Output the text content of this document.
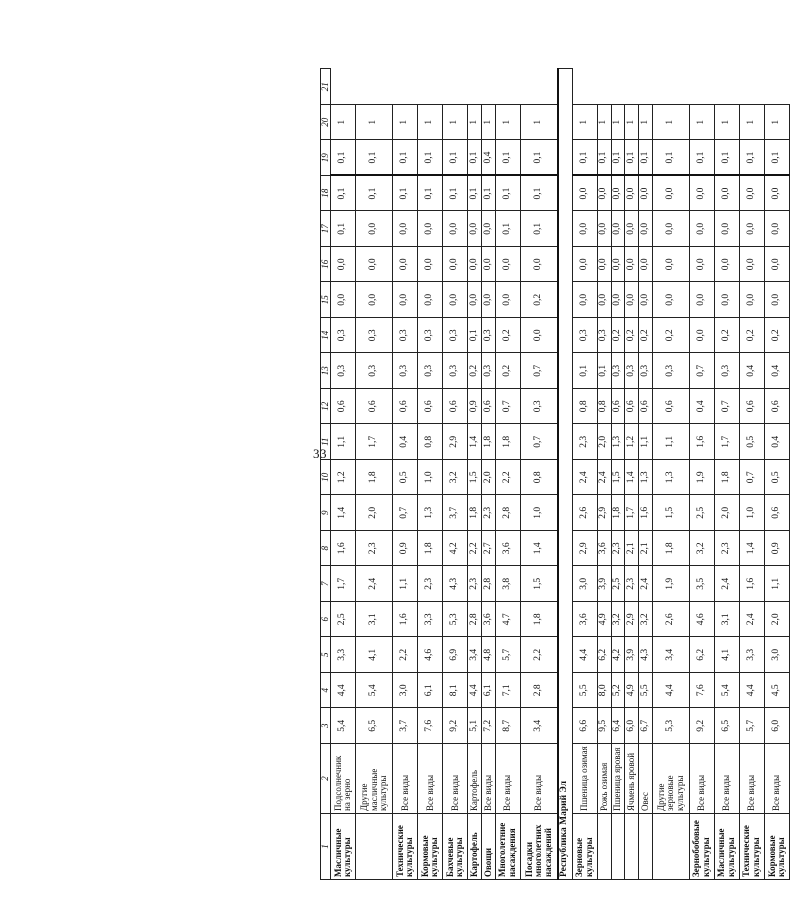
33
1	2	3	4	5	6	7	8	9	10	11	12	13	14	15	16	17	18	19	20	21
Масличные культуры	Подсолнечник на зерно	5,4	4,4	3,3	2,5	1,7	1,6	1,4	1,2	1,1	0,6	0,3	0,3	0,0	0,0	0,1	0,1	0,1	1	
	Другие масличные культуры	6,5	5,4	4,1	3,1	2,4	2,3	2,0	1,8	1,7	0,6	0,3	0,3	0,0	0,0	0,0	0,1	0,1	1	
Технические культуры	Все виды	3,7	3,0	2,2	1,6	1,1	0,9	0,7	0,5	0,4	0,6	0,3	0,3	0,0	0,0	0,0	0,1	0,1	1	
Кормовые культуры	Все виды	7,6	6,1	4,6	3,3	2,3	1,8	1,3	1,0	0,8	0,6	0,3	0,3	0,0	0,0	0,0	0,1	0,1	1	
Бахчевые культуры	Все виды	9,2	8,1	6,9	5,3	4,3	4,2	3,7	3,2	2,9	0,6	0,3	0,3	0,0	0,0	0,0	0,1	0,1	1	
Картофель	Картофель	5,1	4,4	3,4	2,8	2,3	2,2	1,8	1,5	1,4	0,9	0,2	0,1	0,0	0,0	0,0	0,1	0,1	1	
Овощи	Все виды	7,2	6,1	4,8	3,6	2,8	2,7	2,3	2,0	1,8	0,6	0,3	0,3	0,0	0,0	0,0	0,1	0,4	1	
Многолетние насаждения	Все виды	8,7	7,1	5,7	4,7	3,8	3,6	2,8	2,2	1,8	0,7	0,2	0,2	0,0	0,0	0,1	0,1	0,1	1	
Посадки многолетних насаждений	Все виды	3,4	2,8	2,2	1,8	1,5	1,4	1,0	0,8	0,7	0,3	0,7	0,0	0,2	0,0	0,1	0,1	0,1	1	
Республика Марий Эл																				
Зерновые культуры	Пшеница озимая	6,6	5,5	4,4	3,6	3,0	2,9	2,6	2,4	2,3	0,8	0,1	0,3	0,0	0,0	0,0	0,0	0,1	1	
	Рожь озимая	9,5	8,0	6,2	4,9	3,9	3,6	2,9	2,4	2,0	0,8	0,1	0,3	0,0	0,0	0,0	0,0	0,1	1	
	Пшеница яровая	6,4	5,2	4,2	3,2	2,5	2,3	1,8	1,5	1,3	0,6	0,3	0,2	0,0	0,0	0,0	0,0	0,1	1	
	Ячмень яровой	6,0	4,9	3,9	2,9	2,3	2,1	1,7	1,4	1,2	0,6	0,3	0,2	0,0	0,0	0,0	0,0	0,1	1	
	Овес	6,7	5,5	4,3	3,2	2,4	2,1	1,6	1,3	1,1	0,6	0,3	0,2	0,0	0,0	0,0	0,0	0,1	1	
	Другие зерновые культуры	5,3	4,4	3,4	2,6	1,9	1,8	1,5	1,3	1,1	0,6	0,3	0,2	0,0	0,0	0,0	0,0	0,1	1	
Зернобобовые культуры	Все виды	9,2	7,6	6,2	4,6	3,5	3,2	2,5	1,9	1,6	0,4	0,7	0,0	0,0	0,0	0,0	0,0	0,1	1	
Масличные культуры	Все виды	6,5	5,4	4,1	3,1	2,4	2,3	2,0	1,8	1,7	0,7	0,3	0,2	0,0	0,0	0,0	0,0	0,1	1	
Технические культуры	Все виды	5,7	4,4	3,3	2,4	1,6	1,4	1,0	0,7	0,5	0,6	0,4	0,2	0,0	0,0	0,0	0,0	0,1	1	
Кормовые культуры	Все виды	6,0	4,5	3,0	2,0	1,1	0,9	0,6	0,5	0,4	0,6	0,4	0,2	0,0	0,0	0,0	0,0	0,1	1	
